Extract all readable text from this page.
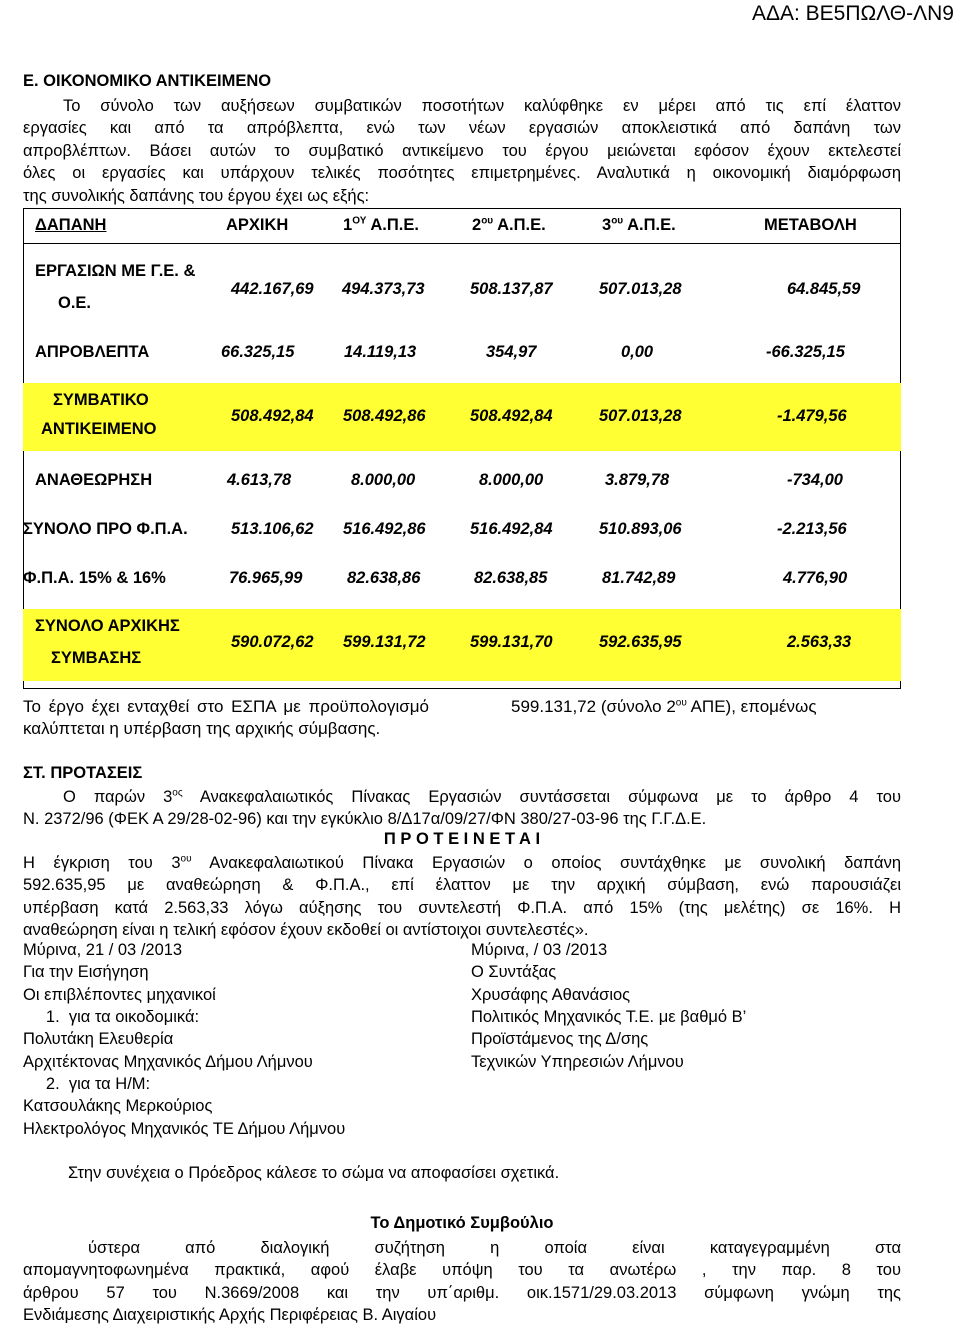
ΑΔΑ: ΒΕ5ΠΩΛΘ-ΛΝ9
Ε. ΟΙΚΟΝΟΜΙΚΟ ΑΝΤΙΚΕΙΜΕΝΟ
Το σύνολο των αυξήσεων συμβατικών ποσοτήτων καλύφθηκε εν μέρει από τις επί έλαττον
εργασίες και από τα απρόβλεπτα, ενώ των νέων εργασιών αποκλειστικά από δαπάνη των
απροβλέπτων. Βάσει αυτών το συμβατικό αντικείμενο του έργου μειώνεται εφόσον έχουν εκτελεστεί
όλες οι εργασίες και υπάρχουν τελικές ποσότητες επιμετρημένες. Αναλυτικά η οικονομική διαμόρφωση
της συνολικής δαπάνης του έργου έχει ως εξής:
ΔΑΠΑΝΗ	ΑΡΧΙΚΗ	$1^{O\Upsilon}$ Α.Π.Ε.	$2^{o\upsilon}$ Α.Π.Ε.	$3^{o\upsilon}$ Α.Π.Ε.	ΜΕΤΑΒΟΛΗ
ΕΡΓΑΣΙΩΝ ΜΕ Γ.Ε. &
Ο.Ε.
442.167,69 494.373,73	508.137,87	507.013,28	64.845,59
ΑΠΡΟΒΛΕΠΤΑ	66.325,15	14.119,13	354,97	0,00	-66.325,15
ΣΥΜΒΑΤΙΚΟ
ΑΝΤΙΚΕΙΜΕΝΟ
508.492,84 508.492,86	508.492,84	507.013,28	-1.479,56
ΑΝΑΘΕΩΡΗΣΗ	4.613,78	8.000,00	8.000,00	3.879,78	-734,00
ΣΥΝΟΛΟ ΠΡΟ Φ.Π.Α.	513.106,62 516.492,86	516.492,84	510.893,06	-2.213,56
Φ.Π.Α. 15% & 16%	76.965,99	82.638,86	82.638,85	81.742,89	4.776,90
ΣΥΝΟΛΟ ΑΡΧΙΚΗΣ
ΣΥΜΒΑΣΗΣ
590.072,62 599.131,72	599.131,70	592.635,95	2.563,33
Το έργο έχει ενταχθεί στο ΕΣΠΑ με προϋπολογισμό	599.131,72 (σύνολο $2^{o\upsilon}$ ΑΠΕ), επομένως
καλύπτεται η υπέρβαση της αρχικής σύμβασης.
ΣΤ. ΠΡΟΤΑΣΕΙΣ
Ο παρών $3^{o\varsigma}$ Ανακεφαλαιωτικός Πίνακας Εργασιών συντάσσεται σύμφωνα με το άρθρο 4 του
Ν. 2372/96 (ΦΕΚ Α 29/28-02-96) και την εγκύκλιο 8/Δ17α/09/27/ΦΝ 380/27-03-96 της Γ.Γ.Δ.Ε.
Π Ρ Ο Τ Ε Ι Ν Ε Τ Α Ι
Η έγκριση του $3^{o\upsilon}$ Ανακεφαλαιωτικού Πίνακα Εργασιών ο οποίος συντάχθηκε με συνολική δαπάνη
592.635,95 με αναθεώρηση & Φ.Π.Α., επί έλαττον με την αρχική σύμβαση, ενώ παρουσιάζει
υπέρβαση κατά 2.563,33 λόγω αύξησης του συντελεστή Φ.Π.Α. από 15% (της μελέτης) σε 16%. Η
αναθεώρηση είναι η τελική εφόσον έχουν εκδοθεί οι αντίστοιχοι συντελεστές».
Μύρινα, 21 / 03 /2013
Για την Εισήγηση
Οι επιβλέποντες μηχανικοί
1.  για τα οικοδομικά:
Πολυτάκη Ελευθερία
Αρχιτέκτονας Μηχανικός Δήμου Λήμνου
2.  για τα Η/Μ:
Κατσουλάκης Μερκούριος
Ηλεκτρολόγος Μηχανικός ΤΕ Δήμου Λήμνου
Μύρινα, / 03 /2013
Ο Συντάξας
Χρυσάφης Αθανάσιος
Πολιτικός Μηχανικός Τ.Ε. με βαθμό Β’
Προϊστάμενος της Δ/σης
Τεχνικών Υπηρεσιών Λήμνου
Στην συνέχεια ο Πρόεδρος κάλεσε το σώμα να αποφασίσει σχετικά.
Το Δημοτικό Συμβούλιο
ύστερα από διαλογική συζήτηση η οποία είναι καταγεγραμμένη στα
απομαγνητοφωνημένα πρακτικά, αφού έλαβε υπόψη του τα ανωτέρω , την παρ. 8 του
άρθρου 57 του Ν.3669/2008 και την υπ΄αριθμ. οικ.1571/29.03.2013 σύμφωνη γνώμη της
Ενδιάμεσης Διαχειριστικής Αρχής Περιφέρειας Β. Αιγαίου
